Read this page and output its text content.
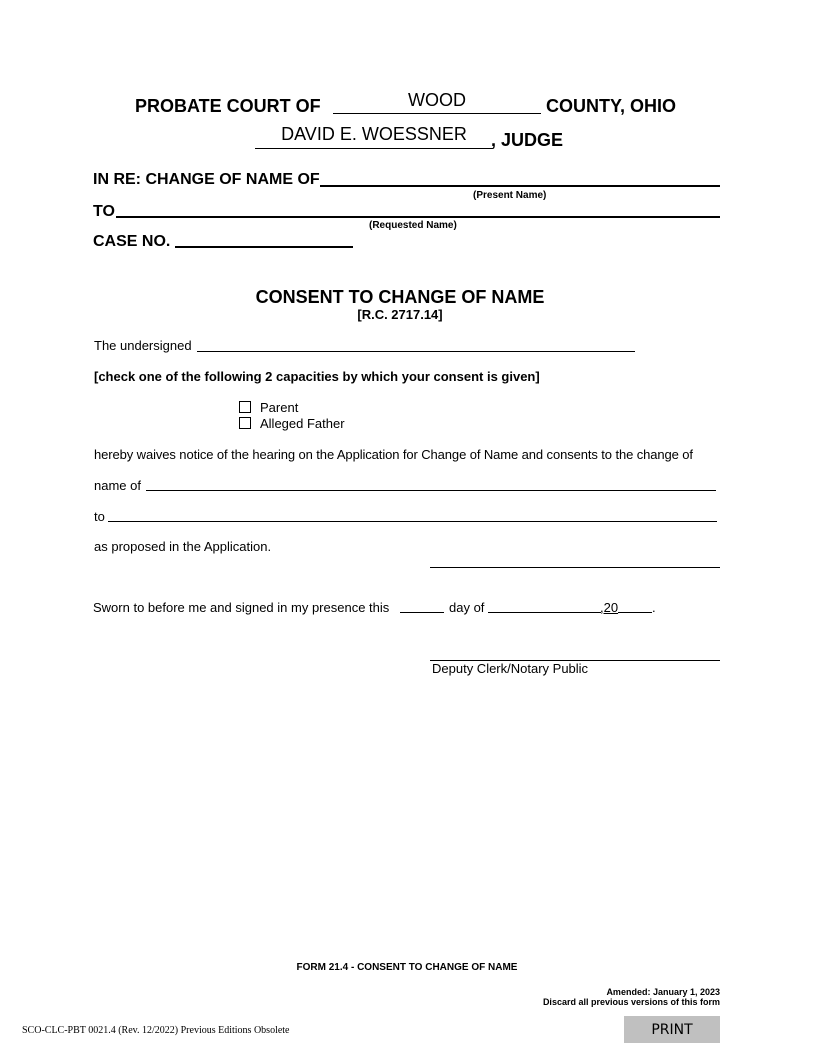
PROBATE COURT OF
WOOD	COUNTY, OHIO
DAVID E. WOESSNER
, JUDGE
IN RE: CHANGE OF NAME OF
(Present Name)
TO
(Requested Name)
CASE NO.
CONSENT TO CHANGE OF NAME
[R.C. 2717.14]
The undersigned
[check one of the following 2 capacities by which your consent is given]
Parent
Alleged Father
hereby waives notice of the hearing on the Application for Change of Name and consents to the change of
name of
to
as proposed in the Application.
Sworn to before me and signed in my presence this	day of	,20	.
Deputy Clerk/Notary Public
FORM 21.4 - CONSENT TO CHANGE OF NAME
Amended: January 1, 2023
Discard all previous versions of this form
SCO-CLC-PBT 0021.4 (Rev. 12/2022) Previous Editions Obsolete	PRINT
